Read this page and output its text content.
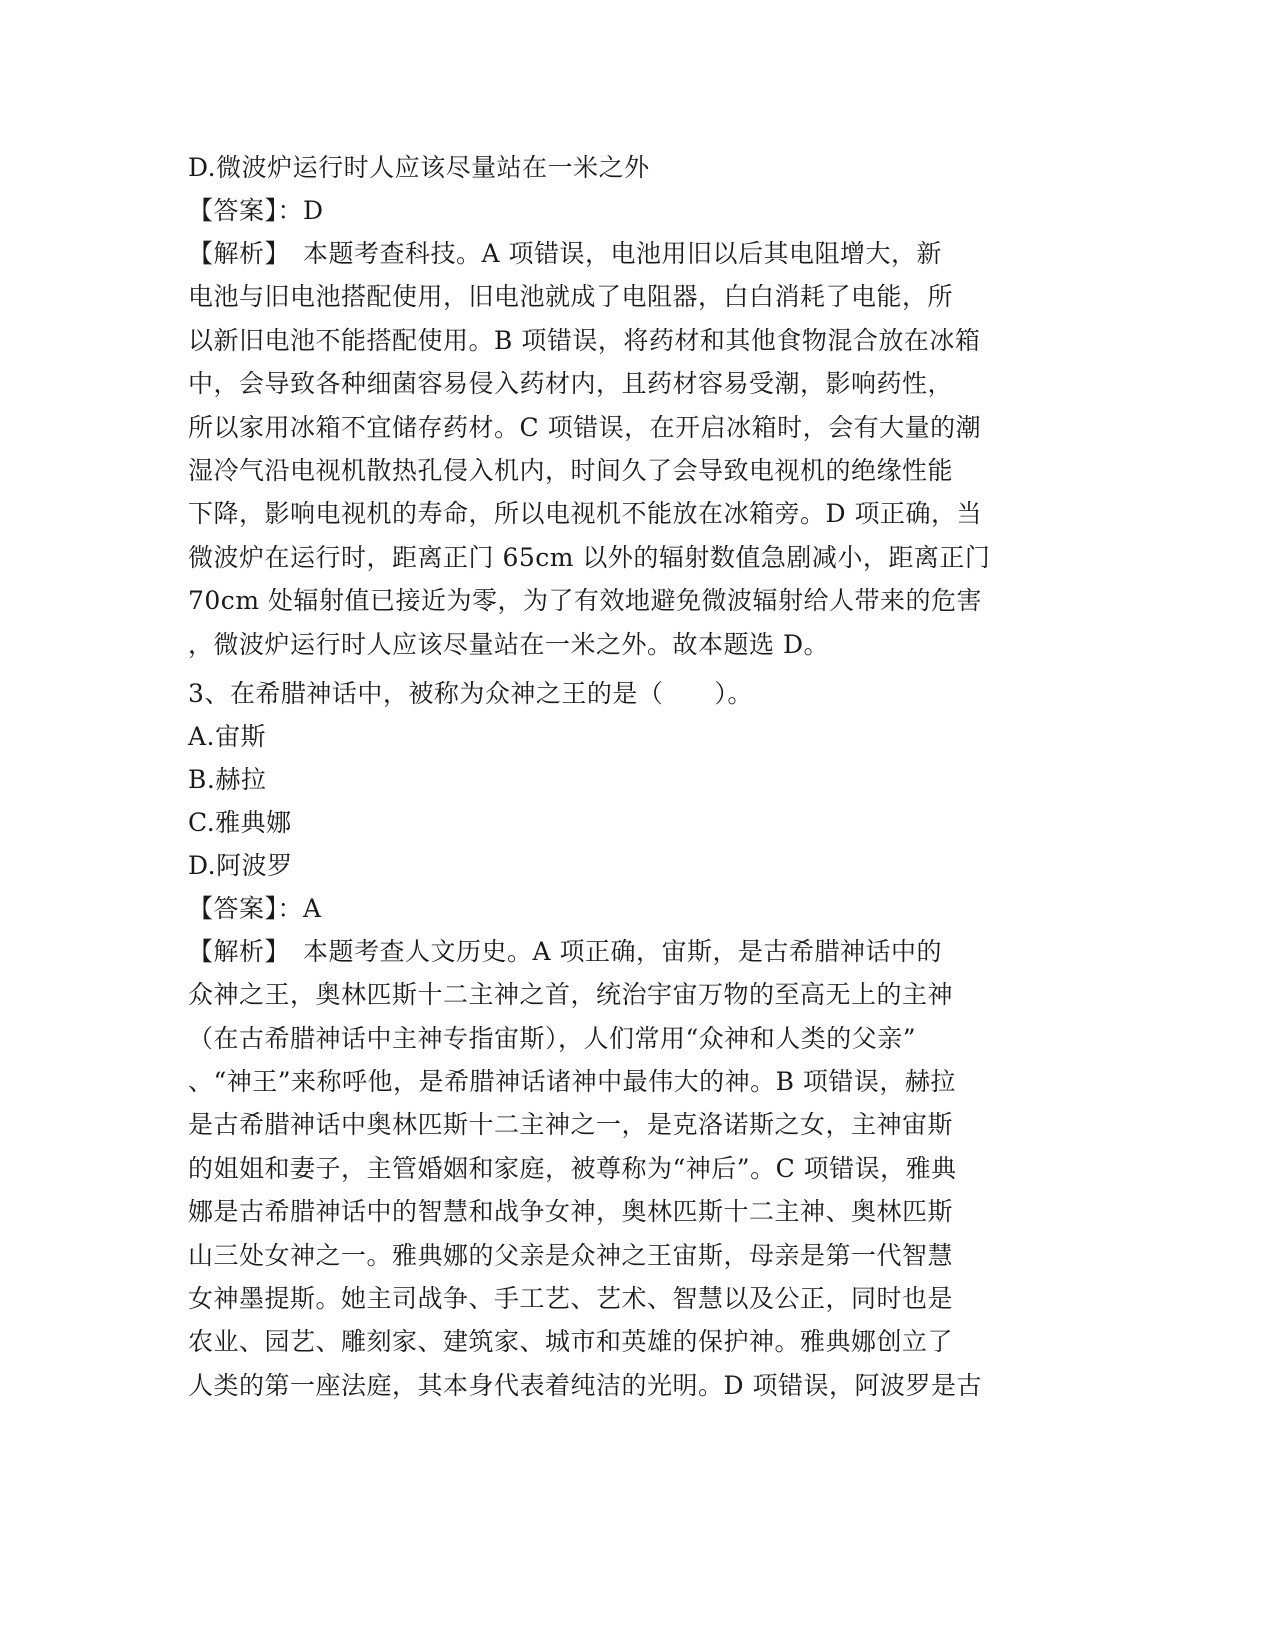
D.微波炉运行时人应该尽量站在一米之外
【答案】：D
【解析】　本题考查科技。A 项错误，电池用旧以后其电阻增大，新
电池与旧电池搭配使用，旧电池就成了电阻器，白白消耗了电能，所
以新旧电池不能搭配使用。B 项错误，将药材和其他食物混合放在冰箱
中，会导致各种细菌容易侵入药材内，且药材容易受潮，影响药性，
所以家用冰箱不宜储存药材。C 项错误，在开启冰箱时，会有大量的潮
湿冷气沿电视机散热孔侵入机内，时间久了会导致电视机的绝缘性能
下降，影响电视机的寿命，所以电视机不能放在冰箱旁。D 项正确，当
微波炉在运行时，距离正门 65cm 以外的辐射数值急剧减小，距离正门
70cm 处辐射值已接近为零，为了有效地避免微波辐射给人带来的危害
，微波炉运行时人应该尽量站在一米之外。故本题选 D。
3、在希腊神话中，被称为众神之王的是（　　）。
A.宙斯
B.赫拉
C.雅典娜
D.阿波罗
【答案】：A
【解析】　本题考查人文历史。A 项正确，宙斯，是古希腊神话中的
众神之王，奥林匹斯十二主神之首，统治宇宙万物的至高无上的主神
（在古希腊神话中主神专指宙斯），人们常用“众神和人类的父亲”
、“神王”来称呼他，是希腊神话诸神中最伟大的神。B 项错误，赫拉
是古希腊神话中奥林匹斯十二主神之一，是克洛诺斯之女，主神宙斯
的姐姐和妻子，主管婚姻和家庭，被尊称为“神后”。C 项错误，雅典
娜是古希腊神话中的智慧和战争女神，奥林匹斯十二主神、奥林匹斯
山三处女神之一。雅典娜的父亲是众神之王宙斯，母亲是第一代智慧
女神墨提斯。她主司战争、手工艺、艺术、智慧以及公正，同时也是
农业、园艺、雕刻家、建筑家、城市和英雄的保护神。雅典娜创立了
人类的第一座法庭，其本身代表着纯洁的光明。D 项错误，阿波罗是古
